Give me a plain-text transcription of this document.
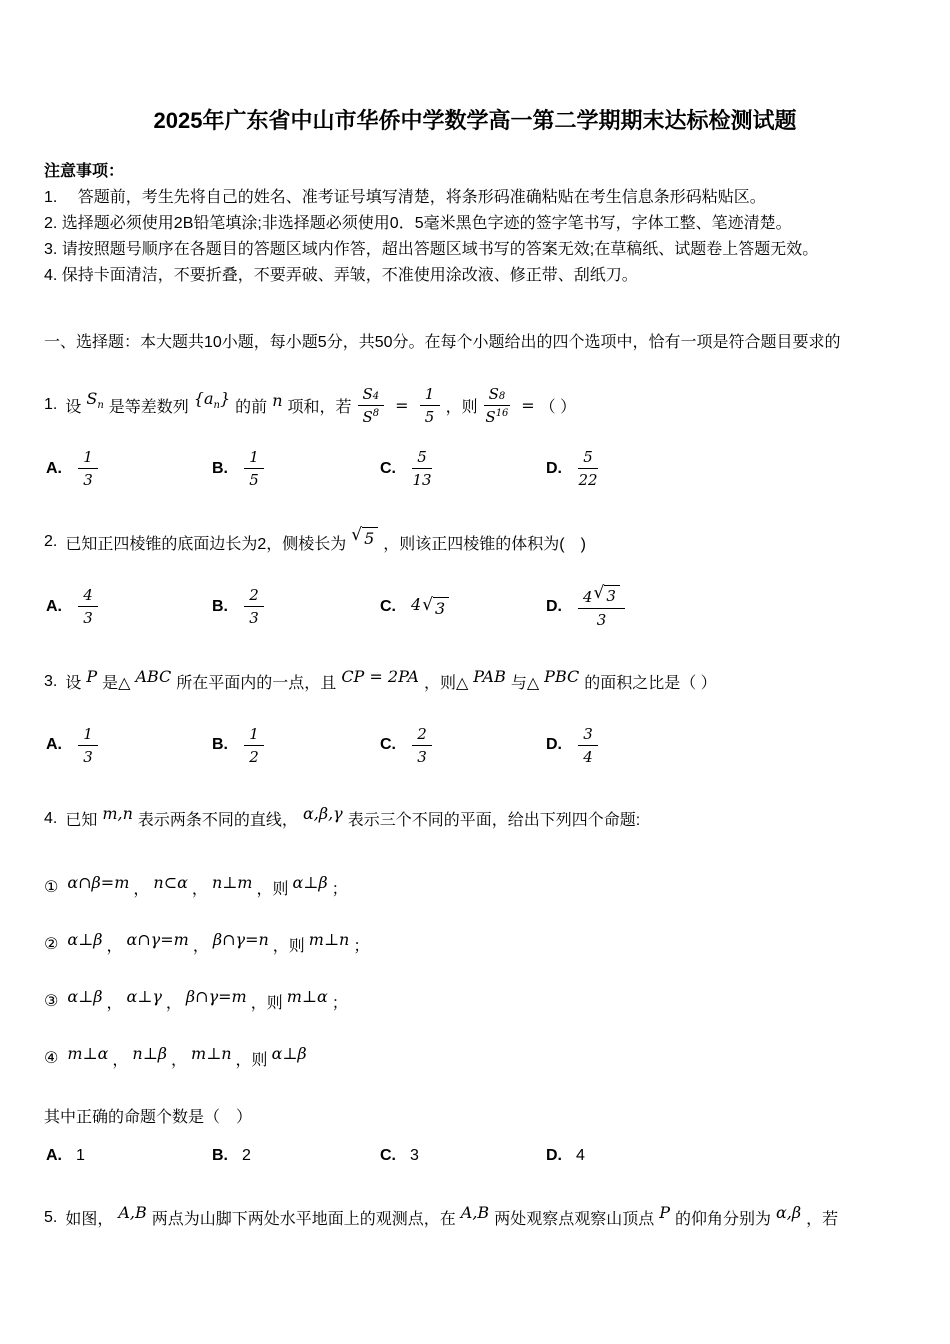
2025年广东省中山市华侨中学数学高一第二学期期末达标检测试题
注意事项：
1.　 答题前，考生先将自己的姓名、准考证号填写清楚，将条形码准确粘贴在考生信息条形码粘贴区。
2. 选择题必须使用2B铅笔填涂;非选择题必须使用0．5毫米黑色字迹的签字笔书写，字体工整、笔迹清楚。
3. 请按照题号顺序在各题目的答题区域内作答，超出答题区域书写的答案无效;在草稿纸、试题卷上答题无效。
4. 保持卡面清洁，不要折叠，不要弄破、弄皱，不准使用涂改液、修正带、刮纸刀。
一、选择题：本大题共10小题，每小题5分，共50分。在每个小题给出的四个选项中，恰有一项是符合题目要求的
1. 设 $S_n$ 是等差数列 $\{a_n\}$ 的前 n 项和，若 $\frac{S_4}{S 8} = \frac{1}{5}$ ，则 $\frac{S_8}{S 16}$ = （ ）
A. $\frac{1}{3}$	B. $\frac{1}{5}$	C. $\frac{5}{13}$	D. $\frac{5}{22}$
2. 已知正四棱锥的底面边长为2，侧棱长为 √ 5 ，则该正四棱锥的体积为(　)
A. $\frac{4}{3}$	B. $\frac{2}{3}$	C. 4 √ 3	D. $\frac{4 √ 3}{3}$
3. 设 P 是△ ABC 所在平面内的一点，且 CP = 2PA ，则△ PAB 与△ PBC 的面积之比是（ ）
A. $\frac{1}{3}$	B. $\frac{1}{2}$	C. $\frac{2}{3}$	D. $\frac{3}{4}$
4. 已知 m,n 表示两条不同的直线， α,β,γ 表示三个不同的平面，给出下列四个命题:
① α∩β=m ， n⊂α ， n⊥m ，则 α⊥β ；
② α⊥β ， α∩γ=m ， β∩γ=n ，则 m⊥n ；
③ α⊥β ， α⊥γ ， β∩γ=m ，则 m⊥α ；
④ m⊥α ， n⊥β ， m⊥n ，则 α⊥β
其中正确的命题个数是（　）
A. 1	B. 2	C. 3	D. 4
5. 如图， A,B 两点为山脚下两处水平地面上的观测点，在 A,B 两处观察点观察山顶点 P 的仰角分别为 α,β ，若
